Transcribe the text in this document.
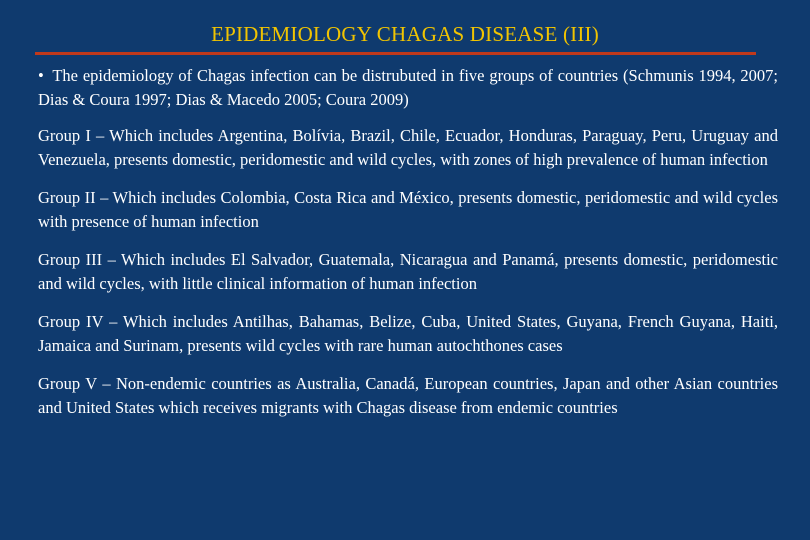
EPIDEMIOLOGY CHAGAS DISEASE (III)

• The epidemiology of Chagas infection can be distrubuted in five groups of countries (Schmunis 1994, 2007; Dias & Coura 1997; Dias & Macedo 2005; Coura 2009)

Group I – Which includes Argentina, Bolívia, Brazil, Chile, Ecuador, Honduras, Paraguay, Peru, Uruguay and Venezuela, presents domestic, peridomestic and wild cycles, with zones of high prevalence of human infection

Group II – Which includes Colombia, Costa Rica and México, presents domestic, peridomestic and wild cycles with presence of human infection

Group III – Which includes El Salvador, Guatemala, Nicaragua and Panamá, presents domestic, peridomestic and wild cycles, with little clinical information of human infection

Group IV – Which includes Antilhas, Bahamas, Belize, Cuba, United States, Guyana, French Guyana, Haiti, Jamaica and Surinam, presents wild cycles with rare human autochthones cases

Group V – Non-endemic countries as Australia, Canadá, European countries, Japan and other Asian countries and United States which receives migrants with Chagas disease from endemic countries
